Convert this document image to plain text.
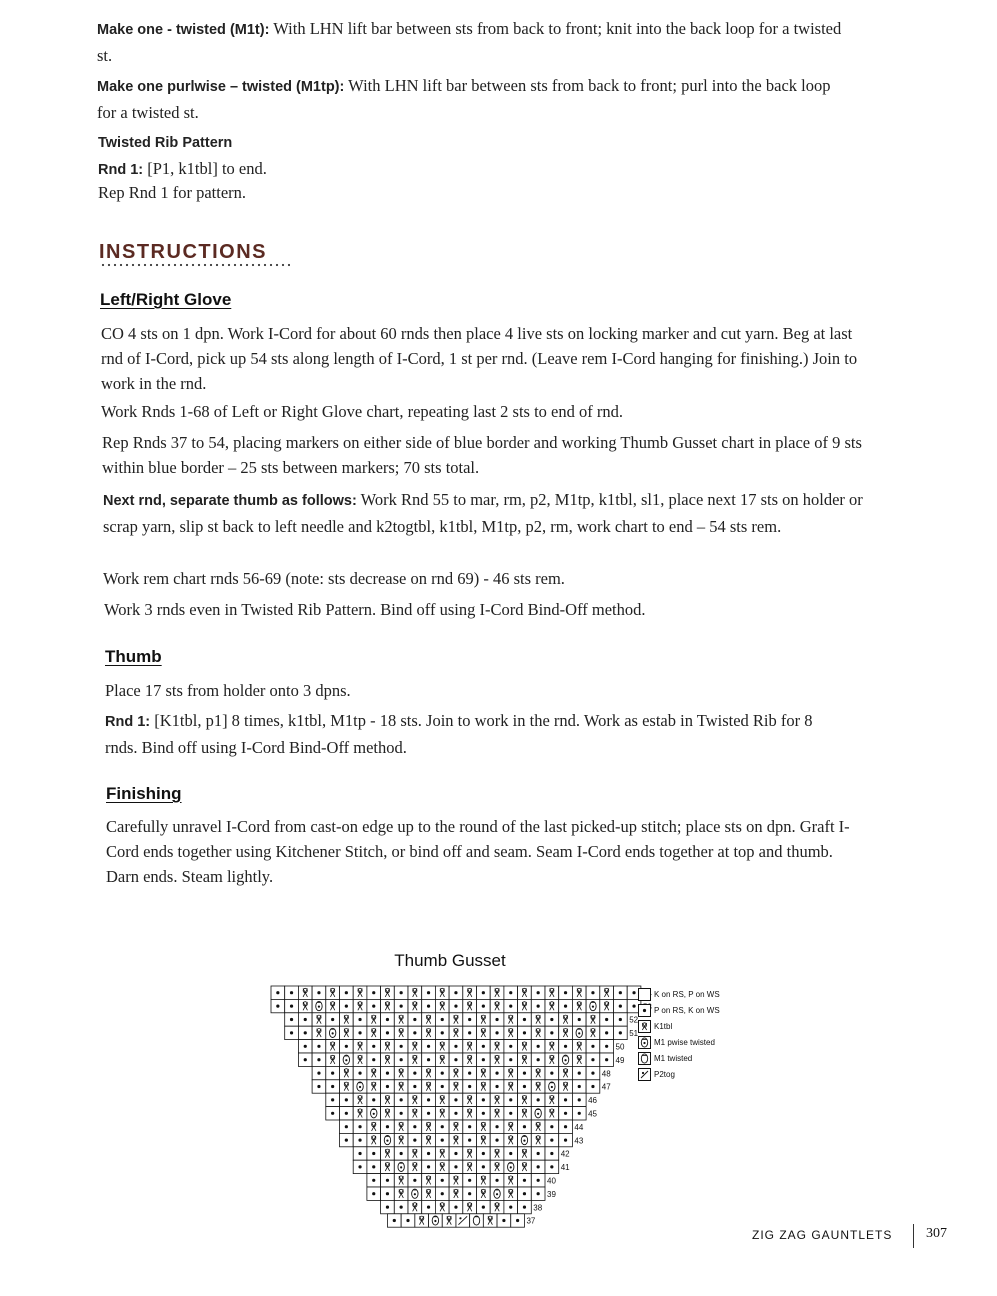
Make one - twisted (M1t): With LHN lift bar between sts from back to front; knit into the back loop for a twisted st.
Make one purlwise – twisted (M1tp): With LHN lift bar between sts from back to front; purl into the back loop for a twisted st.
Twisted Rib Pattern
Rnd 1: [P1, k1tbl] to end.
Rep Rnd 1 for pattern.
INSTRUCTIONS
Left/Right Glove
CO 4 sts on 1 dpn. Work I-Cord for about 60 rnds then place 4 live sts on locking marker and cut yarn. Beg at last rnd of I-Cord, pick up 54 sts along length of I-Cord, 1 st per rnd. (Leave rem I-Cord hanging for finishing.) Join to work in the rnd.
Work Rnds 1-68 of Left or Right Glove chart, repeating last 2 sts to end of rnd.
Rep Rnds 37 to 54, placing markers on either side of blue border and working Thumb Gusset chart in place of 9 sts within blue border – 25 sts between markers; 70 sts total.
Next rnd, separate thumb as follows: Work Rnd 55 to mar, rm, p2, M1tp, k1tbl, sl1, place next 17 sts on holder or scrap yarn, slip st back to left needle and k2togtbl, k1tbl, M1tp, p2, rm, work chart to end – 54 sts rem.
Work rem chart rnds 56-69 (note: sts decrease on rnd 69) - 46 sts rem.
Work 3 rnds even in Twisted Rib Pattern. Bind off using I-Cord Bind-Off method.
Thumb
Place 17 sts from holder onto 3 dpns.
Rnd 1: [K1tbl, p1] 8 times, k1tbl, M1tp - 18 sts. Join to work in the rnd. Work as estab in Twisted Rib for 8 rnds. Bind off using I-Cord Bind-Off method.
Finishing
Carefully unravel I-Cord from cast-on edge up to the round of the last picked-up stitch; place sts on dpn. Graft I-Cord ends together using Kitchener Stitch, or bind off and seam. Seam I-Cord ends together at top and thumb. Darn ends. Steam lightly.
Thumb Gusset
52
51
50
49
48
47
46
45
44
43
42
41
40
39
38
37
K on RS, P on WS
P on RS, K on WS
K1tbl
M1 pwise twisted
M1 twisted
P2tog
ZIG ZAG GAUNTLETS 307
